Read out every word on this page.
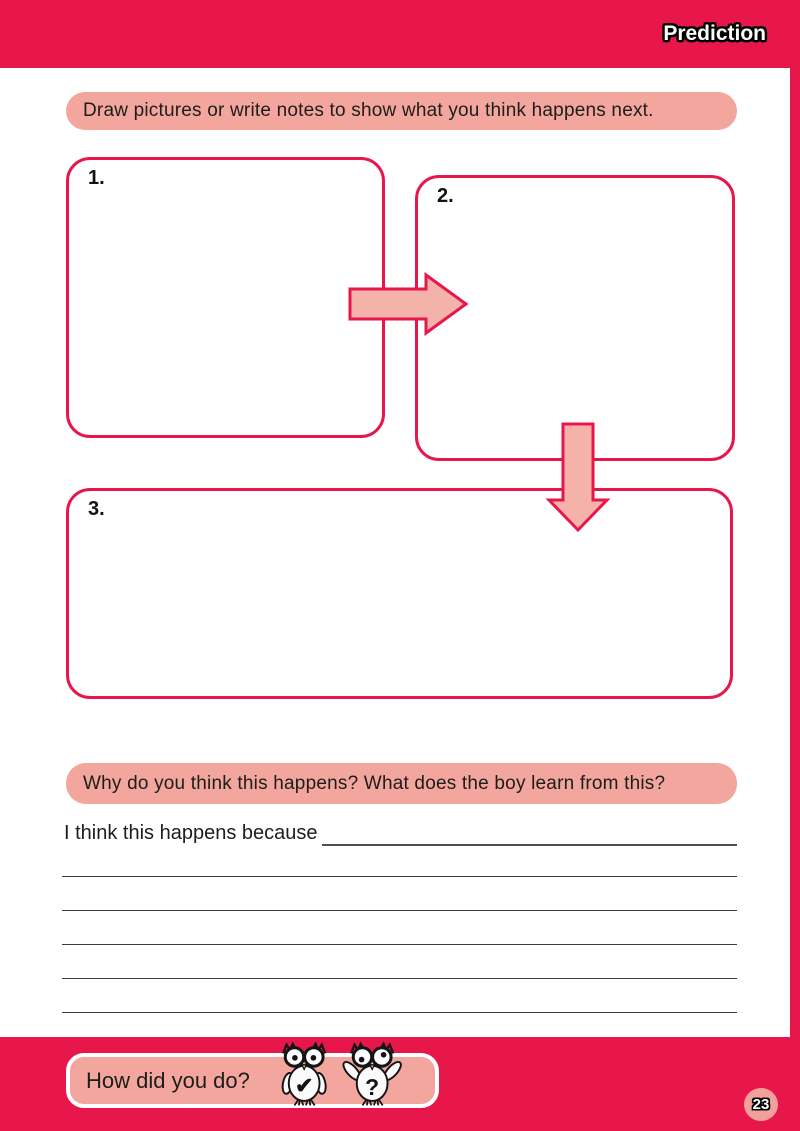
Prediction
Draw pictures or write notes to show what you think happens next.
1.
2.
3.
Why do you think this happens? What does the boy learn from this?
I think this happens because
How did you do? ✔ ?
23
